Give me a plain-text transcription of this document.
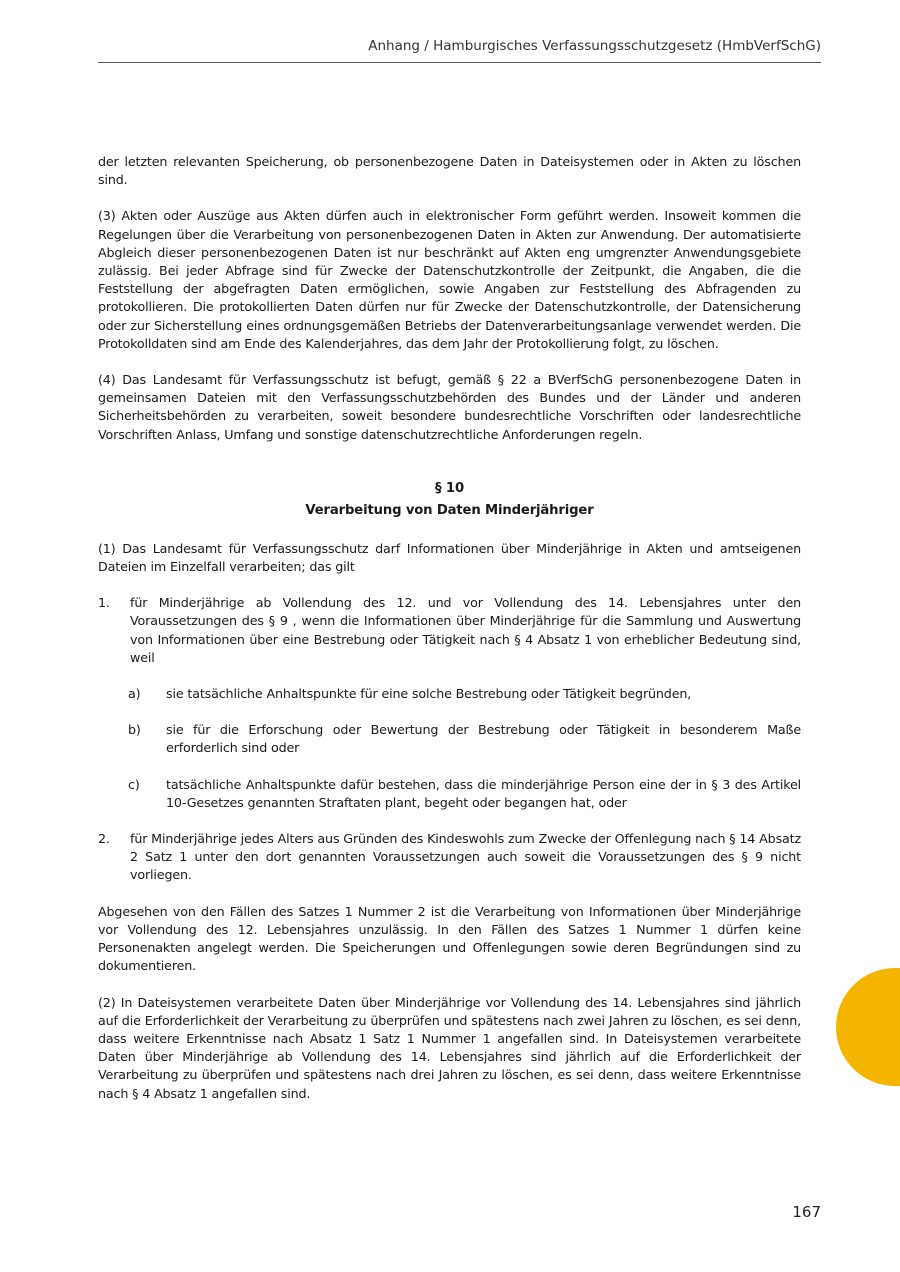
Anhang / Hamburgisches Verfassungsschutzgesetz (HmbVerfSchG)

der letzten relevanten Speicherung, ob personenbezogene Daten in Dateisystemen oder in Akten zu löschen sind.

(3) Akten oder Auszüge aus Akten dürfen auch in elektronischer Form geführt werden. Insoweit kommen die Regelungen über die Verarbeitung von personenbezogenen Daten in Akten zur Anwendung. Der automatisierte Abgleich dieser personenbezogenen Daten ist nur beschränkt auf Akten eng umgrenzter Anwendungsgebiete zulässig. Bei jeder Abfrage sind für Zwecke der Datenschutzkontrolle der Zeitpunkt, die Angaben, die die Feststellung der abgefragten Daten ermöglichen, sowie Angaben zur Feststellung des Abfragenden zu protokollieren. Die protokollierten Daten dürfen nur für Zwecke der Datenschutzkontrolle, der Datensicherung oder zur Sicherstellung eines ordnungsgemäßen Betriebs der Datenverarbeitungsanlage verwendet werden. Die Protokolldaten sind am Ende des Kalenderjahres, das dem Jahr der Protokollierung folgt, zu löschen.

(4) Das Landesamt für Verfassungsschutz ist befugt, gemäß § 22 a BVerfSchG personenbezogene Daten in gemeinsamen Dateien mit den Verfassungsschutzbehörden des Bundes und der Länder und anderen Sicherheitsbehörden zu verarbeiten, soweit besondere bundesrechtliche Vorschriften oder landesrechtliche Vorschriften Anlass, Umfang und sonstige datenschutzrechtliche Anforderungen regeln.

§ 10
Verarbeitung von Daten Minderjähriger

(1) Das Landesamt für Verfassungsschutz darf Informationen über Minderjährige in Akten und amtseigenen Dateien im Einzelfall verarbeiten; das gilt

1.	für Minderjährige ab Vollendung des 12. und vor Vollendung des 14. Lebensjahres unter den Voraussetzungen des § 9 , wenn die Informationen über Minderjährige für die Sammlung und Auswertung von Informationen über eine Bestrebung oder Tätigkeit nach § 4 Absatz 1 von erheblicher Bedeutung sind, weil
a)	sie tatsächliche Anhaltspunkte für eine solche Bestrebung oder Tätigkeit begründen,
b)	sie für die Erforschung oder Bewertung der Bestrebung oder Tätigkeit in besonderem Maße erforderlich sind oder
c)	tatsächliche Anhaltspunkte dafür bestehen, dass die minderjährige Person eine der in § 3 des Artikel 10-Gesetzes genannten Straftaten plant, begeht oder begangen hat, oder
2.	für Minderjährige jedes Alters aus Gründen des Kindeswohls zum Zwecke der Offenlegung nach § 14 Absatz 2 Satz 1 unter den dort genannten Voraussetzungen auch soweit die Voraussetzungen des § 9 nicht vorliegen.

Abgesehen von den Fällen des Satzes 1 Nummer 2 ist die Verarbeitung von Informationen über Minderjährige vor Vollendung des 12. Lebensjahres unzulässig. In den Fällen des Satzes 1 Nummer 1 dürfen keine Personenakten angelegt werden. Die Speicherungen und Offenlegungen sowie deren Begründungen sind zu dokumentieren.

(2) In Dateisystemen verarbeitete Daten über Minderjährige vor Vollendung des 14. Lebensjahres sind jährlich auf die Erforderlichkeit der Verarbeitung zu überprüfen und spätestens nach zwei Jahren zu löschen, es sei denn, dass weitere Erkenntnisse nach Absatz 1 Satz 1 Nummer 1 angefallen sind. In Dateisystemen verarbeitete Daten über Minderjährige ab Vollendung des 14. Lebensjahres sind jährlich auf die Erforderlichkeit der Verarbeitung zu überprüfen und spätestens nach drei Jahren zu löschen, es sei denn, dass weitere Erkenntnisse nach § 4 Absatz 1 angefallen sind.

167
